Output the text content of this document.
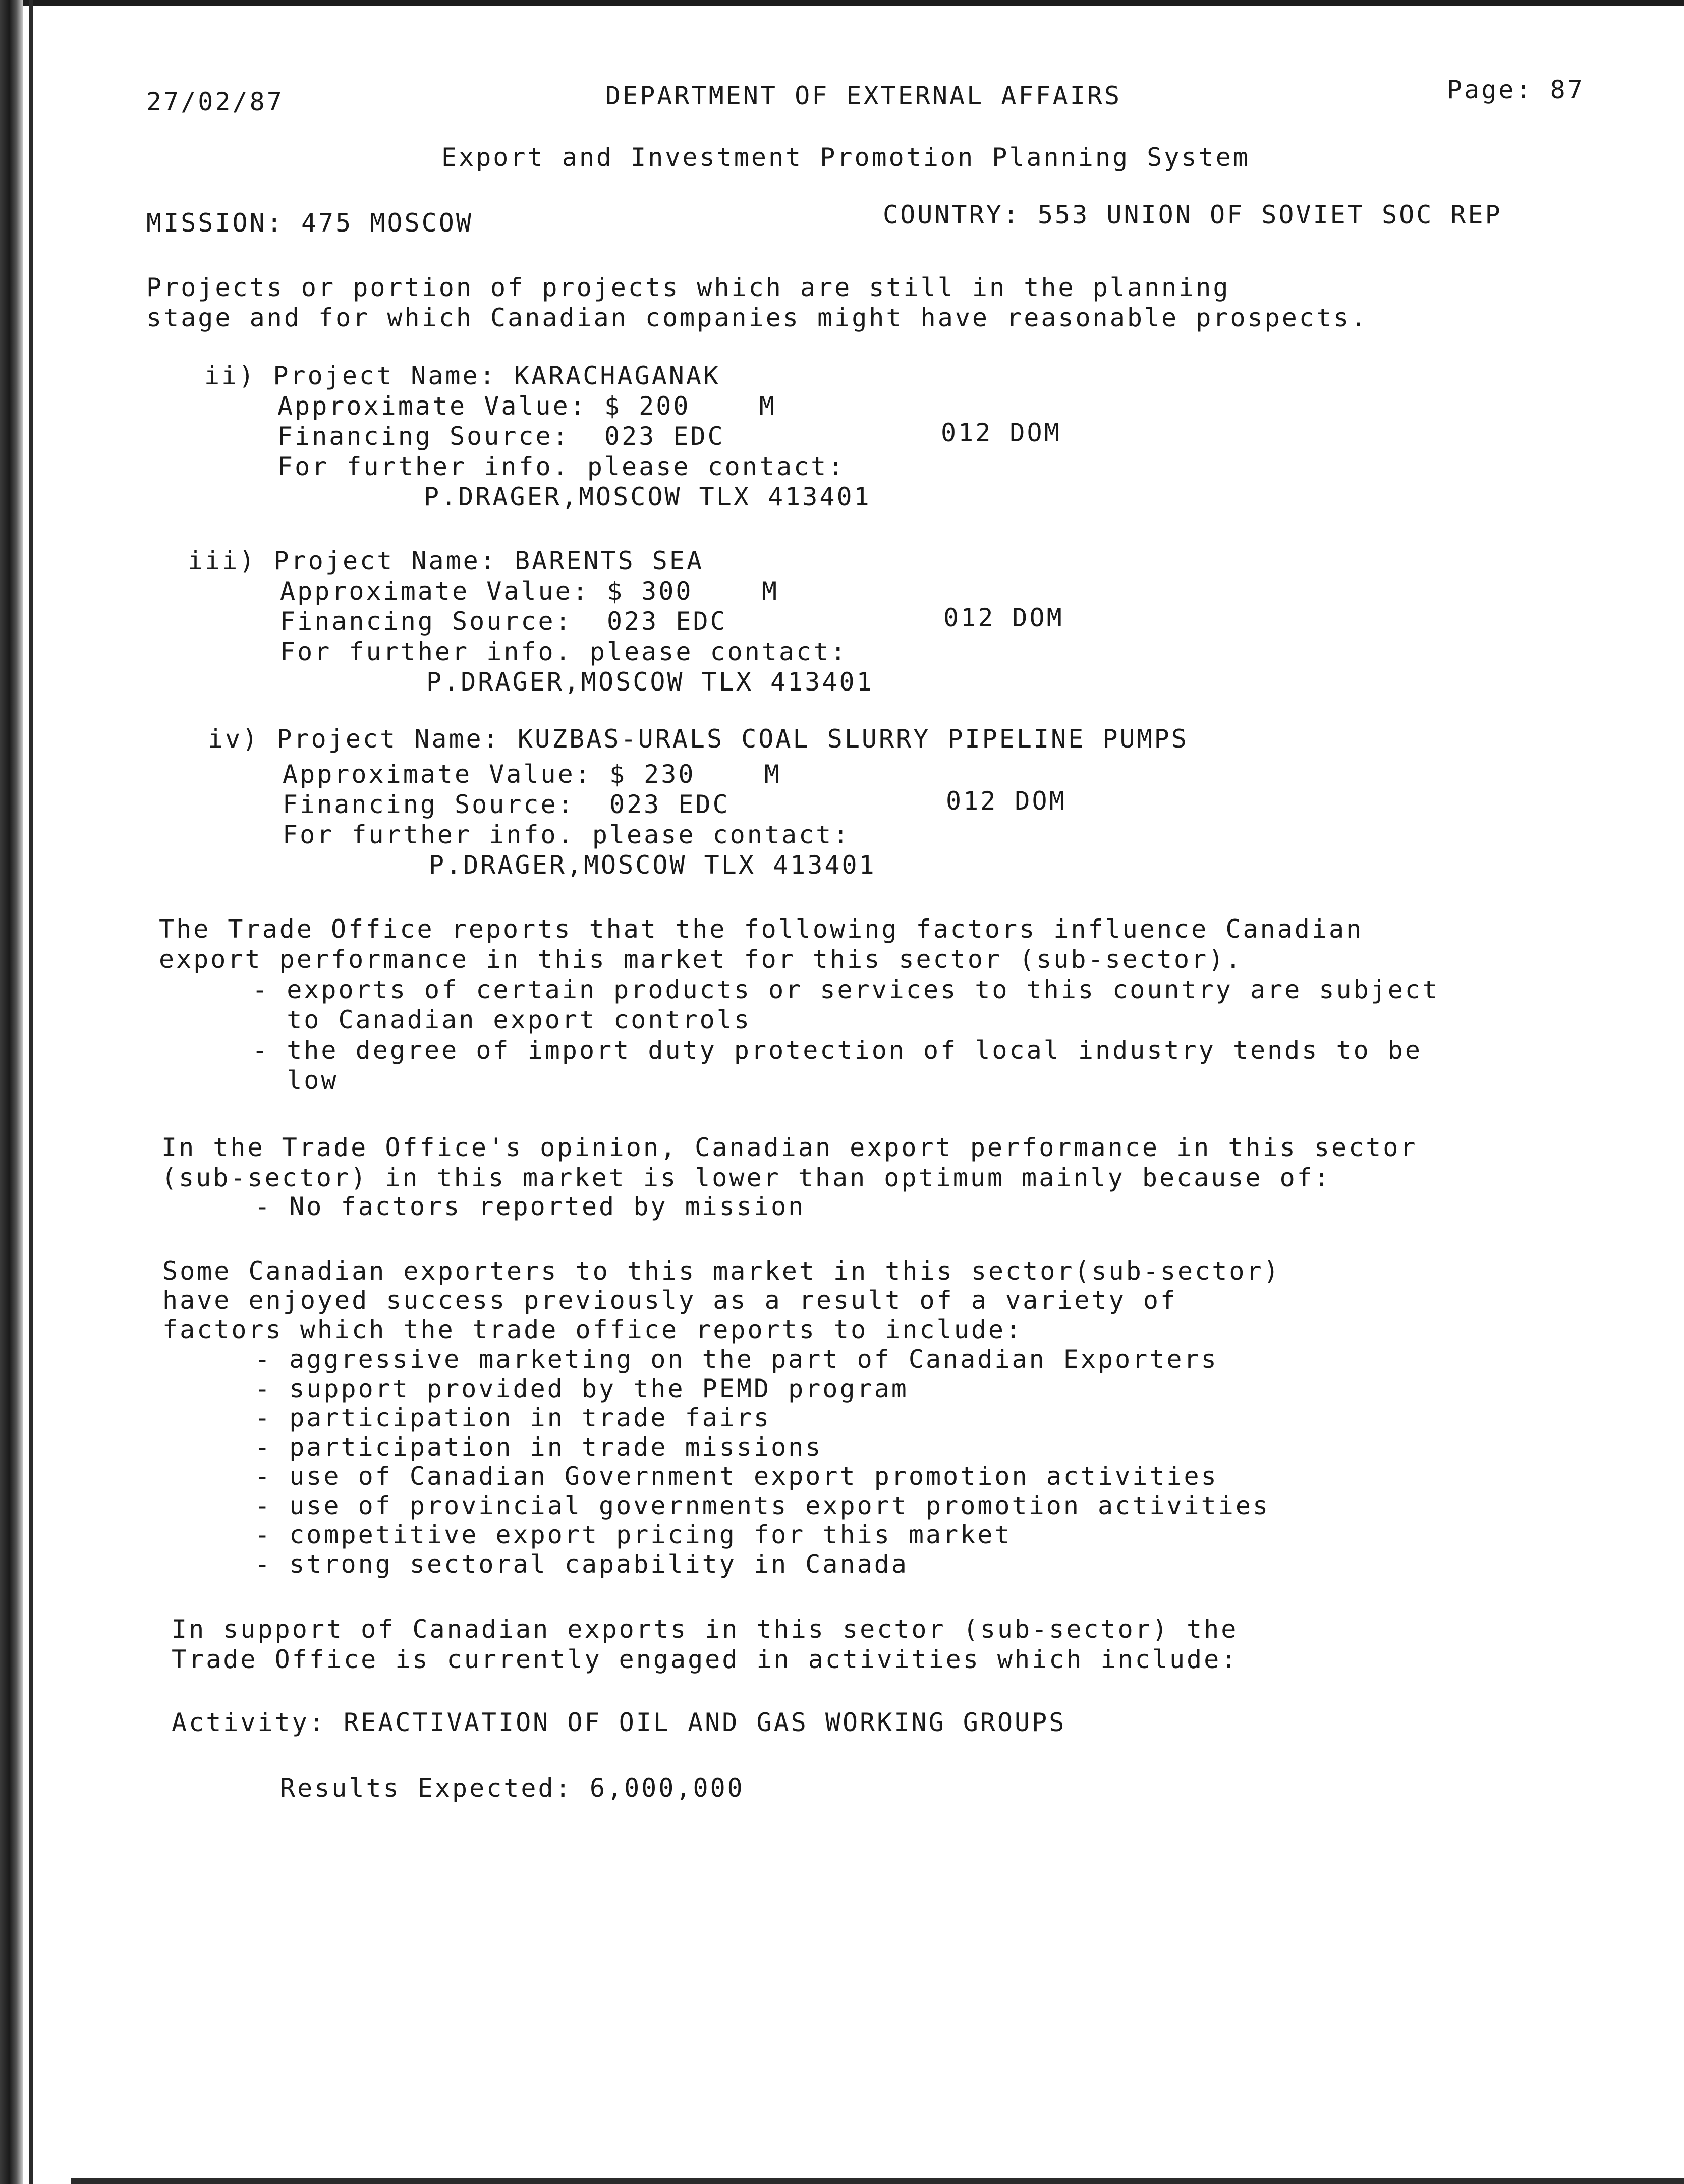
27/02/87	DEPARTMENT OF EXTERNAL AFFAIRS	Page: 87
Export and Investment Promotion Planning System
MISSION: 475 MOSCOW	COUNTRY: 553 UNION OF SOVIET SOC REP
Projects or portion of projects which are still in the planning
stage and for which Canadian companies might have reasonable prospects.
ii) Project Name: KARACHAGANAK
Approximate Value: $ 200	M
Financing Source: 023 EDC	012 DOM
For further info. please contact:
P.DRAGER,MOSCOW TLX 413401
iii) Project Name: BARENTS SEA
Approximate Value: $ 300	M
Financing Source: 023 EDC	012 DOM
For further info. please contact:
P.DRAGER,MOSCOW TLX 413401
iv) Project Name: KUZBAS-URALS COAL SLURRY PIPELINE PUMPS
Approximate Value: $ 230	M
Financing Source: 023 EDC	012 DOM
For further info. please contact:
P.DRAGER,MOSCOW TLX 413401
The Trade Office reports that the following factors influence Canadian
export performance in this market for this sector (sub-sector).
- exports of certain products or services to this country are subject
to Canadian export controls
- the degree of import duty protection of local industry tends to be
low
In the Trade Office's opinion, Canadian export performance in this sector
(sub-sector) in this market is lower than optimum mainly because of:
- No factors reported by mission
Some Canadian exporters to this market in this sector(sub-sector)
have enjoyed success previously as a result of a variety of
factors which the trade office reports to include:
- aggressive marketing on the part of Canadian Exporters
- support provided by the PEMD program
- participation in trade fairs
- participation in trade missions
- use of Canadian Government export promotion activities
- use of provincial governments export promotion activities
- competitive export pricing for this market
- strong sectoral capability in Canada
In support of Canadian exports in this sector (sub-sector) the
Trade Office is currently engaged in activities which include:
Activity: REACTIVATION OF OIL AND GAS WORKING GROUPS
Results Expected: 6,000,000
